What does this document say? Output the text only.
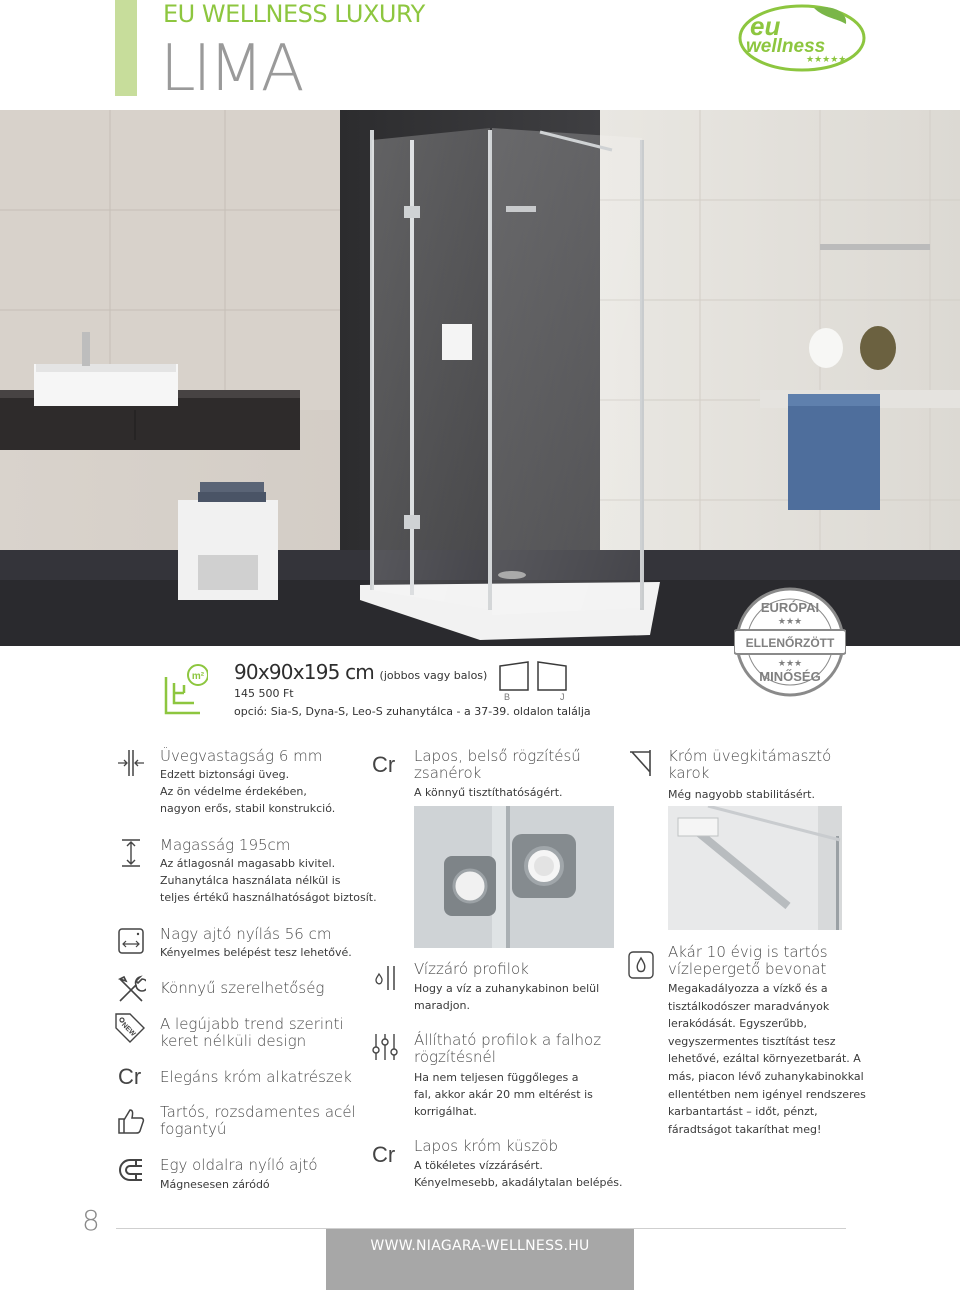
EU WELLNESS LUXURY
LIMA
eu
wellness
★★★★★
ELLENŐRZÖTT
EURÓPAI
★★★
★★★
MINŐSÉG
m² 90x90x195 cm (jobbos vagy balos)
145 500 Ft
opció: Sia-S, Dyna-S, Leo-S zuhanytálca - a 37-39. oldalon találja
B	J
Üvegvastagság 6 mm
Edzett biztonsági üveg.
Az ön védelme érdekében,
nagyon erős, stabil konstrukció.
Magasság 195cm
Az átlagosnál magasabb kivitel.
Zuhanytálca használata nélkül is
teljes értékű használhatóságot biztosít.
Nagy ajtó nyílás 56 cm
Kényelmes belépést tesz lehetővé.
Könnyű szerelhetőség
NEW A legújabb trend szerinti
keret nélküli design
Cr Elegáns króm alkatrészek
Tartós, rozsdamentes acél
fogantyú
Egy oldalra nyíló ajtó
Mágnesesen záródó
Cr Lapos, belső rögzítésű
zsanérok
A könnyű tisztíthatóságért.
Vízzáró profilok
Hogy a víz a zuhanykabinon belül
maradjon.
Állítható profilok a falhoz
rögzítésnél
Ha nem teljesen függőleges a
fal, akkor akár 20 mm eltérést is
korrigálhat.
Cr Lapos króm küszöb
A tökéletes vízzárásért.
Kényelmesebb, akadálytalan belépés.
Króm üvegkitámasztó
karok
Még nagyobb stabilitásért.
Akár 10 évig is tartós
vízlepergető bevonat
Megakadályozza a vízkő és a
tisztálkodószer maradványok
lerakódását. Egyszerűbb,
vegyszermentes tisztítást tesz
lehetővé, ezáltal környezetbarát. A
más, piacon lévő zuhanykabinokkal
ellentétben nem igényel rendszeres
karbantartást – időt, pénzt,
fáradtságot takaríthat meg!
8
WWW.NIAGARA-WELLNESS.HU
